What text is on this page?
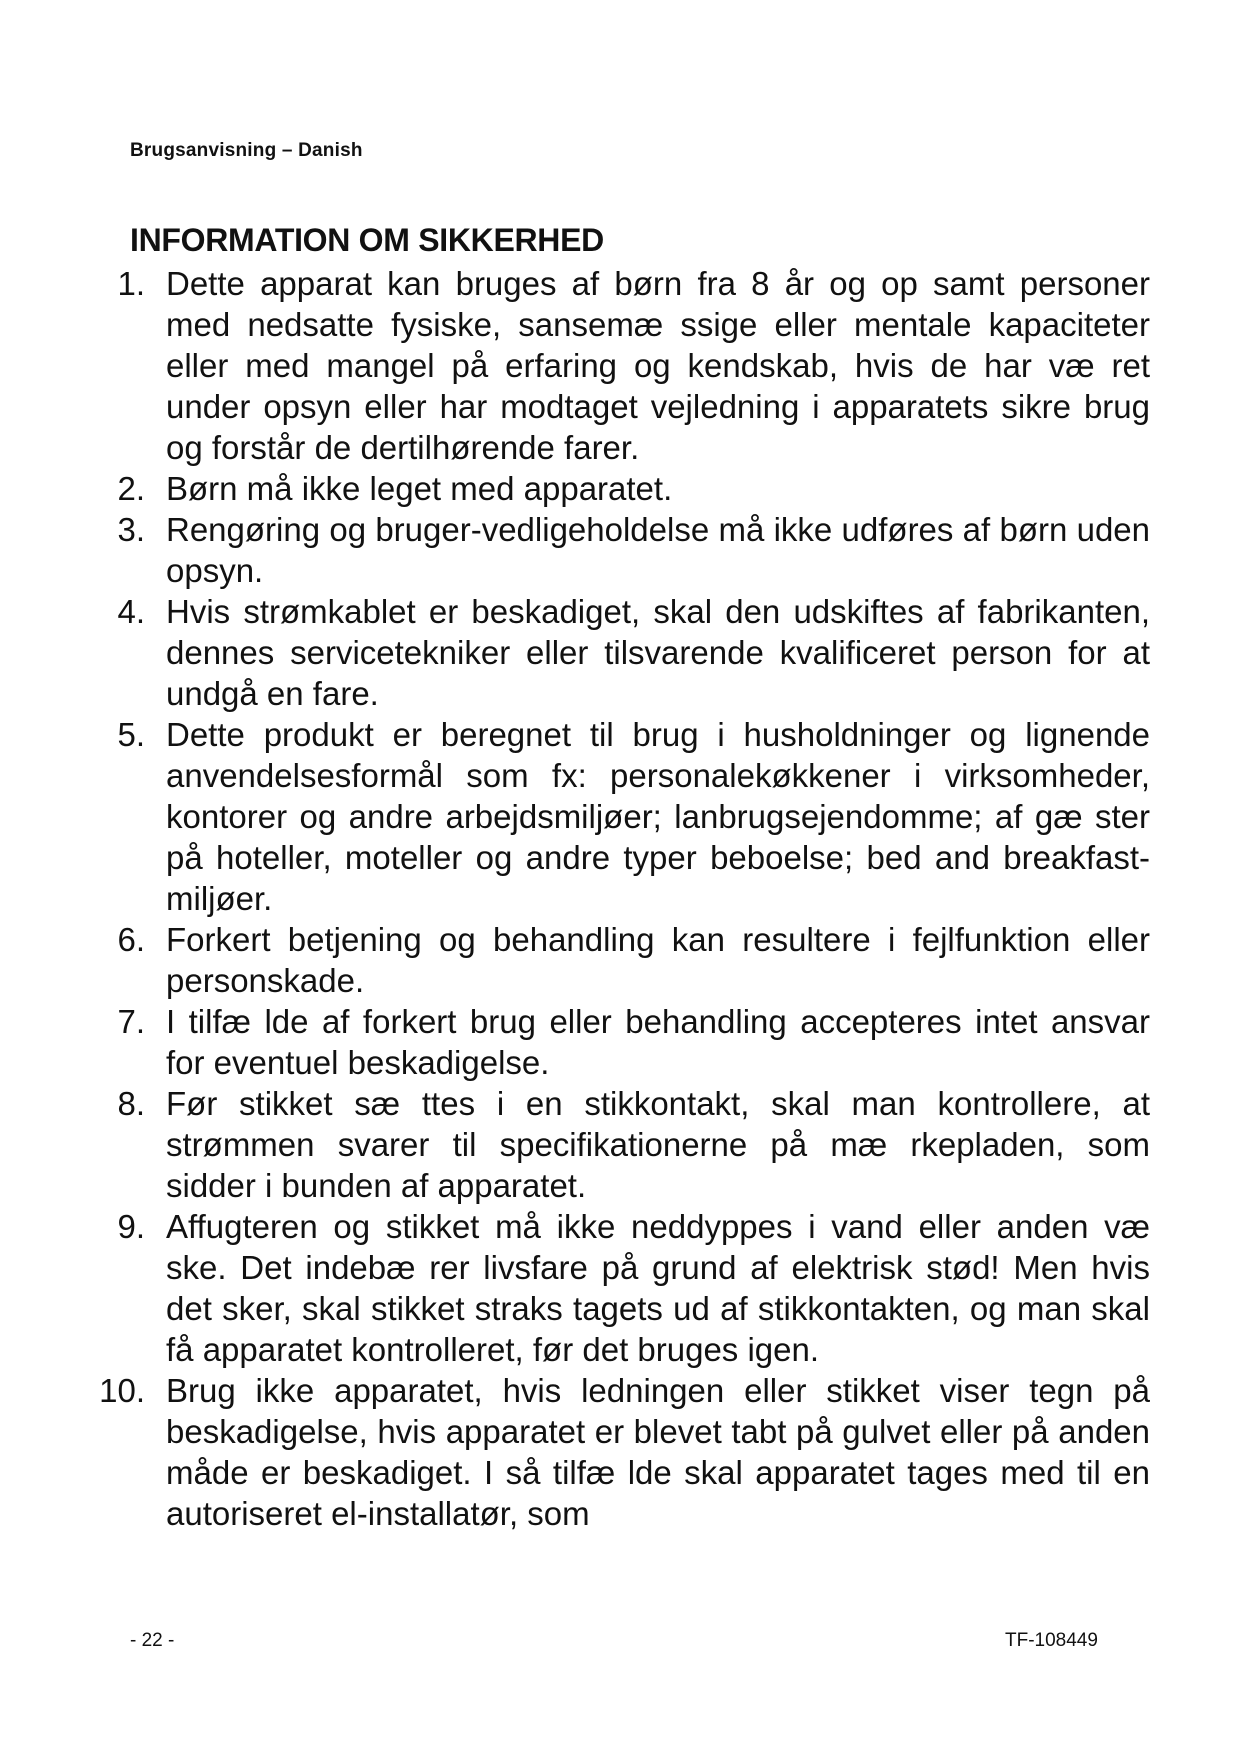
Brugsanvisning – Danish
INFORMATION OM SIKKERHED
1. Dette apparat kan bruges af børn fra 8 år og op samt personer med nedsatte fysiske, sansemæ ssige eller mentale kapaciteter eller med mangel på erfaring og kendskab, hvis de har væ ret under opsyn eller har modtaget vejledning i apparatets sikre brug og forstår de dertilhørende farer.
2. Børn må ikke leget med apparatet.
3. Rengøring og bruger-vedligeholdelse må ikke udføres af børn uden opsyn.
4. Hvis strømkablet er beskadiget, skal den udskiftes af fabrikanten, dennes servicetekniker eller tilsvarende kvalificeret person for at undgå en fare.
5. Dette produkt er beregnet til brug i husholdninger og lignende anvendelsesformål som fx: personalekøkkener i virksomheder, kontorer og andre arbejdsmiljøer; lanbrugsejendomme; af gæ ster på hoteller, moteller og andre typer beboelse; bed and breakfast-miljøer.
6. Forkert betjening og behandling kan resultere i fejlfunktion eller personskade.
7. I tilfæ lde af forkert brug eller behandling accepteres intet ansvar for eventuel beskadigelse.
8. Før stikket sæ ttes i en stikkontakt, skal man kontrollere, at strømmen svarer til specifikationerne på mæ rkepladen, som sidder i bunden af apparatet.
9. Affugteren og stikket må ikke neddyppes i vand eller anden væ ske. Det indebæ rer livsfare på grund af elektrisk stød! Men hvis det sker, skal stikket straks tagets ud af stikkontakten, og man skal få apparatet kontrolleret, før det bruges igen.
10. Brug ikke apparatet, hvis ledningen eller stikket viser tegn på beskadigelse, hvis apparatet er blevet tabt på gulvet eller på anden måde er beskadiget. I så tilfæ lde skal apparatet tages med til en autoriseret el-installatør, som
- 22 -	TF-108449
